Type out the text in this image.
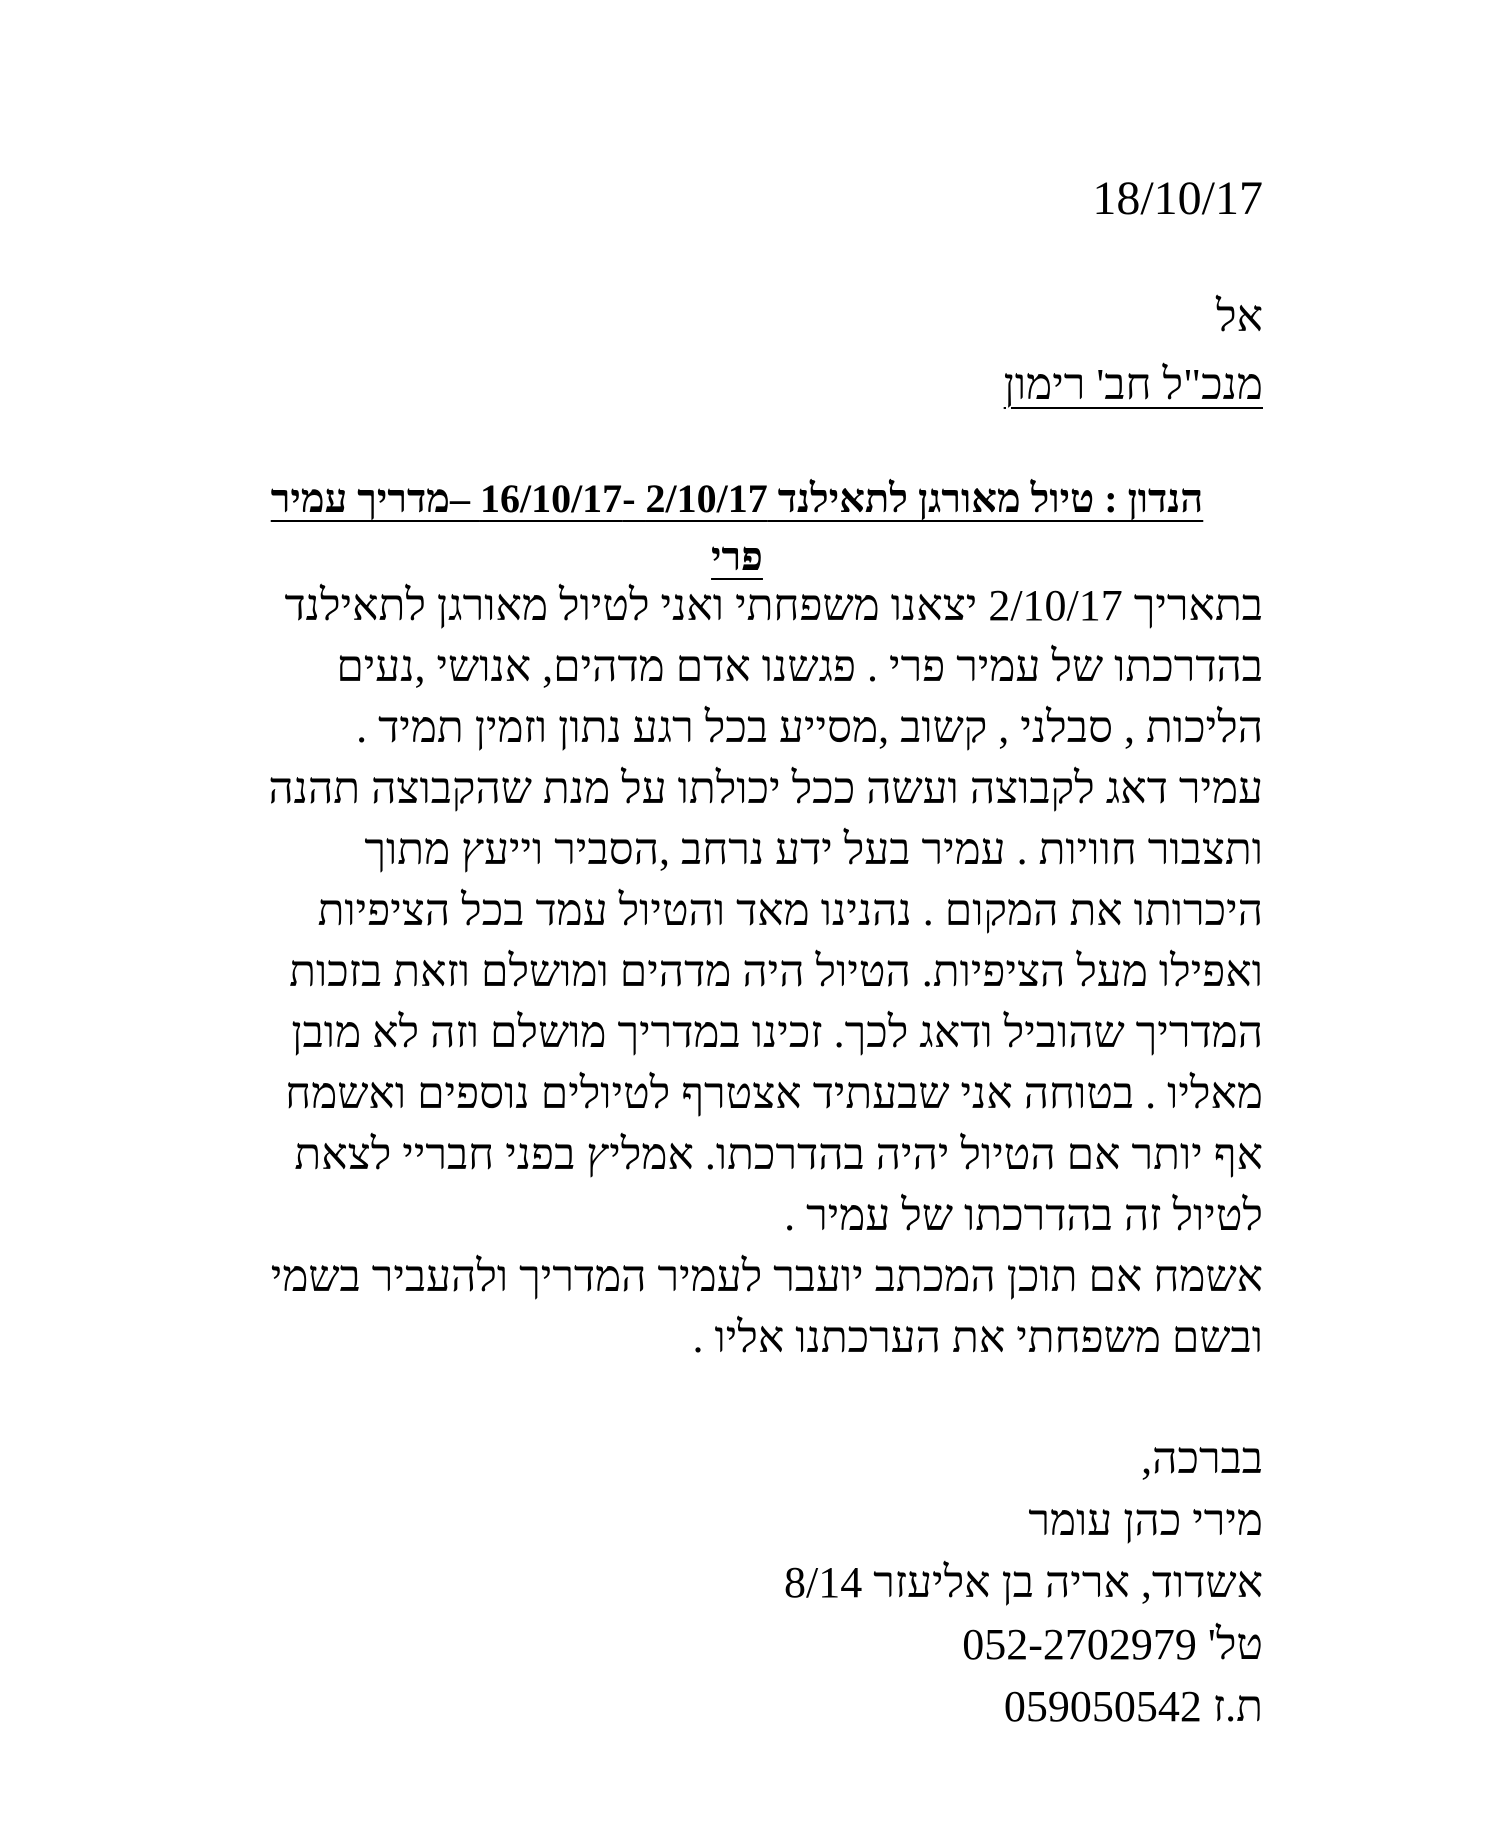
18/10/17
אל
מנכ"ל חב' רימון
הנדון : טיול מאורגן לתאילנד 2/10/17 -16/10/17 –מדריך עמיר
פרי
בתאריך 2/10/17 יצאנו משפחתי ואני לטיול מאורגן לתאילנד
בהדרכתו של עמיר פרי . פגשנו אדם מדהים, אנושי ,נעים
הליכות , סבלני , קשוב ,מסייע בכל רגע נתון וזמין תמיד .
עמיר דאג לקבוצה ועשה ככל יכולתו על מנת שהקבוצה תהנה
ותצבור חוויות . עמיר בעל ידע נרחב ,הסביר וייעץ מתוך
היכרותו את המקום . נהנינו מאד והטיול עמד בכל הציפיות
ואפילו מעל הציפיות. הטיול היה מדהים ומושלם וזאת בזכות
המדריך שהוביל ודאג לכך. זכינו במדריך מושלם וזה לא מובן
מאליו . בטוחה אני שבעתיד אצטרף לטיולים נוספים ואשמח
אף יותר אם הטיול יהיה בהדרכתו. אמליץ בפני חבריי לצאת
לטיול זה בהדרכתו של עמיר .
אשמח אם תוכן המכתב יועבר לעמיר המדריך ולהעביר בשמי
ובשם משפחתי את הערכתנו אליו .
בברכה,
מירי כהן עומר
אשדוד, אריה בן אליעזר 8/14
טל' 052-2702979
ת.ז 059050542
